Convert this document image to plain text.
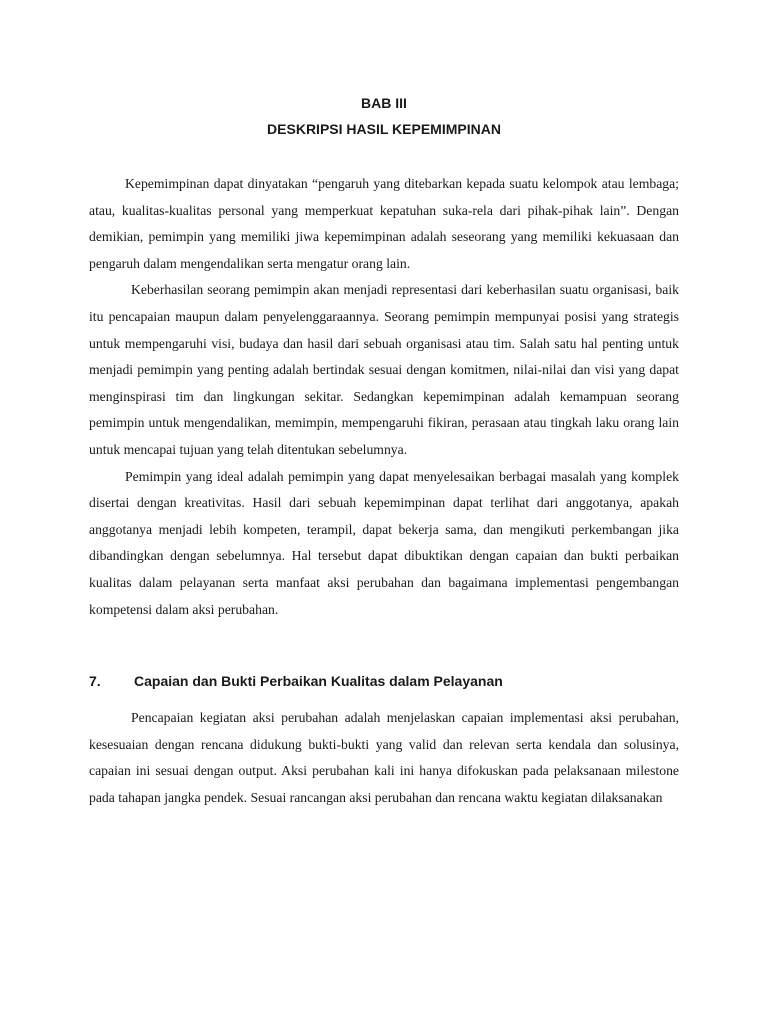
BAB III
DESKRIPSI HASIL KEPEMIMPINAN

Kepemimpinan dapat dinyatakan “pengaruh yang ditebarkan kepada suatu kelompok atau lembaga; atau, kualitas-kualitas personal yang memperkuat kepatuhan suka-rela dari pihak-pihak lain”. Dengan demikian, pemimpin yang memiliki jiwa kepemimpinan adalah seseorang yang memiliki kekuasaan dan pengaruh dalam mengendalikan serta mengatur orang lain.

Keberhasilan seorang pemimpin akan menjadi representasi dari keberhasilan suatu organisasi, baik itu pencapaian maupun dalam penyelenggaraannya. Seorang pemimpin mempunyai posisi yang strategis untuk mempengaruhi visi, budaya dan hasil dari sebuah organisasi atau tim. Salah satu hal penting untuk menjadi pemimpin yang penting adalah bertindak sesuai dengan komitmen, nilai-nilai dan visi yang dapat menginspirasi tim dan lingkungan sekitar. Sedangkan kepemimpinan adalah kemampuan seorang pemimpin untuk mengendalikan, memimpin, mempengaruhi fikiran, perasaan atau tingkah laku orang lain untuk mencapai tujuan yang telah ditentukan sebelumnya.

Pemimpin yang ideal adalah pemimpin yang dapat menyelesaikan berbagai masalah yang komplek disertai dengan kreativitas. Hasil dari sebuah kepemimpinan dapat terlihat dari anggotanya, apakah anggotanya menjadi lebih kompeten, terampil, dapat bekerja sama, dan mengikuti perkembangan jika dibandingkan dengan sebelumnya. Hal tersebut dapat dibuktikan dengan capaian dan bukti perbaikan kualitas dalam pelayanan serta manfaat aksi perubahan dan bagaimana implementasi pengembangan kompetensi dalam aksi perubahan.

7. Capaian dan Bukti Perbaikan Kualitas dalam Pelayanan

Pencapaian kegiatan aksi perubahan adalah menjelaskan capaian implementasi aksi perubahan, kesesuaian dengan rencana didukung bukti-bukti yang valid dan relevan serta kendala dan solusinya, capaian ini sesuai dengan output. Aksi perubahan kali ini hanya difokuskan pada pelaksanaan milestone pada tahapan jangka pendek. Sesuai rancangan aksi perubahan dan rencana waktu kegiatan dilaksanakan
